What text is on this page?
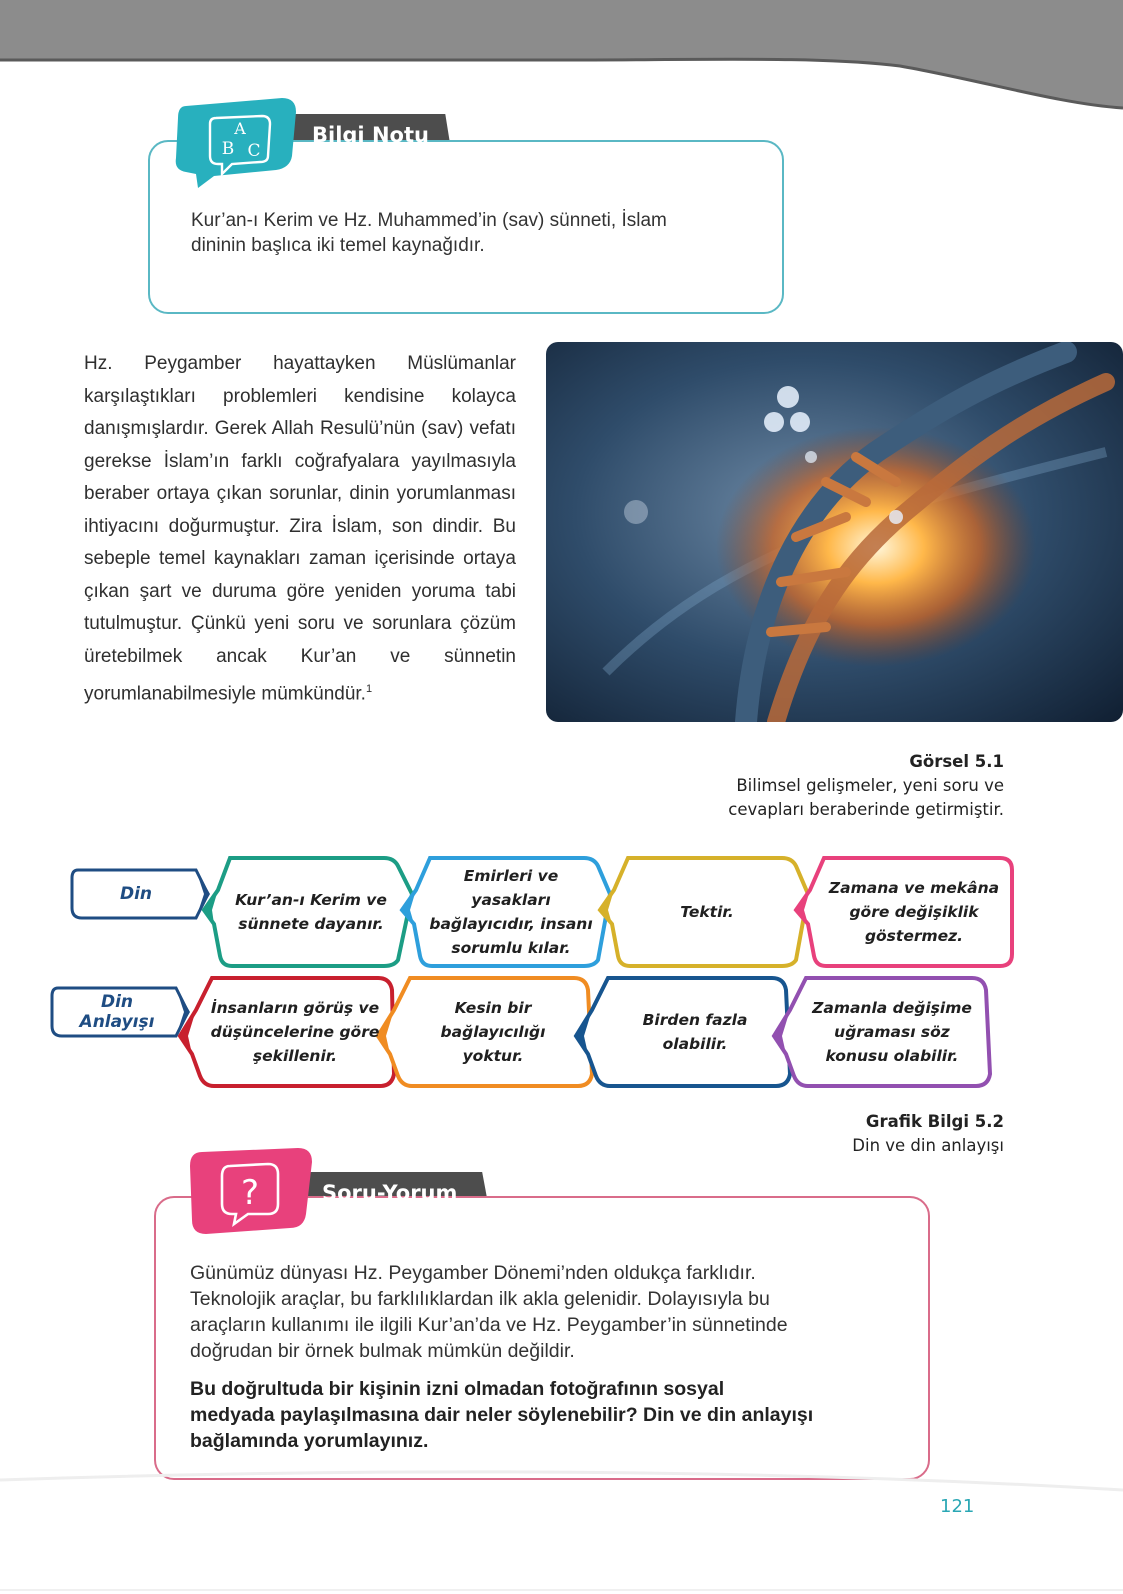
A
B C
Bilgi Notu
Kur’an-ı Kerim ve Hz. Muhammed’in (sav) sünneti, İslam
dininin başlıca iki temel kaynağıdır.
Hz. Peygamber hayattayken Müslümanlar karşılaştıkları problemleri kendisine kolayca danışmışlardır. Gerek Allah Resulü’nün (sav) vefatı gerekse İslam’ın farklı coğrafyalara yayılmasıyla beraber ortaya çıkan sorunlar, dinin yorumlanması ihtiyacını doğurmuştur. Zira İslam, son dindir. Bu sebeple temel kaynakları zaman içerisinde ortaya çıkan şart ve duruma göre yeniden yoruma tabi tutulmuştur. Çünkü yeni soru ve sorunlara çözüm üretebilmek ancak Kur’an ve sünnetin yorumlanabilmesiyle mümkündür.$^1$
Görsel 5.1
Bilimsel gelişmeler, yeni soru ve
cevapları beraberinde getirmiştir.
Din
Din Anlayışı
Kur’an-ı Kerim ve sünnete dayanır.
Emirleri ve yasakları bağlayıcıdır, insanı sorumlu kılar.
Tektir.
Zamana ve mekâna göre değişiklik göstermez.
İnsanların görüş ve düşüncelerine göre şekillenir.
Kesin bir bağlayıcılığı yoktur.
Birden fazla olabilir.
Zamanla değişime uğraması söz konusu olabilir.
Grafik Bilgi 5.2
Din ve din anlayışı
?	Soru-Yorum
Günümüz dünyası Hz. Peygamber Dönemi’nden oldukça farklıdır.
Teknolojik araçlar, bu farklılıklardan ilk akla gelenidir. Dolayısıyla bu
araçların kullanımı ile ilgili Kur’an’da ve Hz. Peygamber’in sünnetinde
doğrudan bir örnek bulmak mümkün değildir.
Bu doğrultuda bir kişinin izni olmadan fotoğrafının sosyal
medyada paylaşılmasına dair neler söylenebilir? Din ve din anlayışı
bağlamında yorumlayınız.
121
